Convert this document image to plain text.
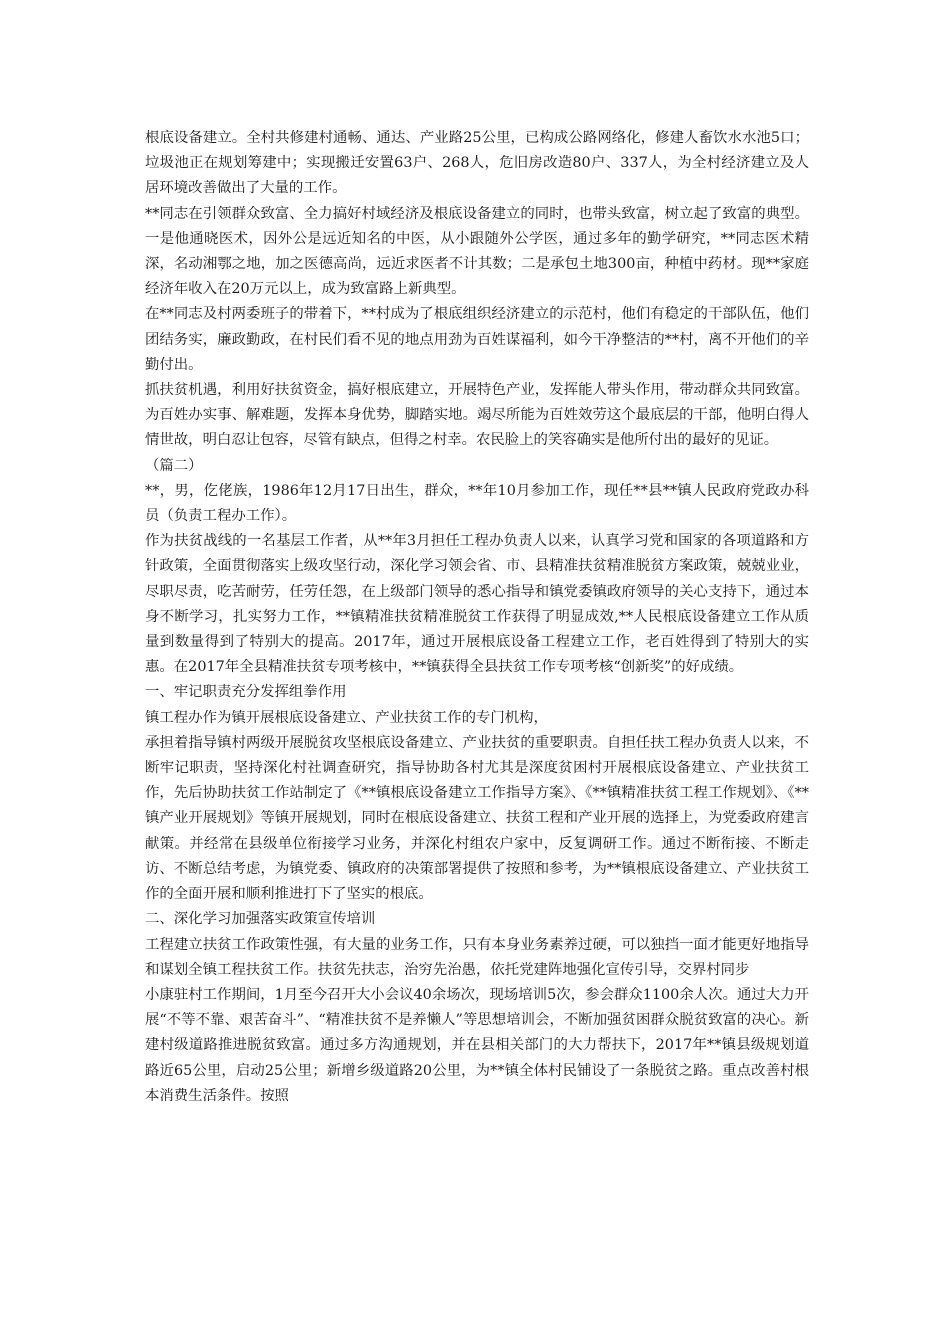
根底设备建立。全村共修建村通畅、通达、产业路25公里，已构成公路网络化，修建人畜饮水水池5口；垃圾池正在规划筹建中；实现搬迁安置63户、268人，危旧房改造80户、337人，为全村经济建立及人居环境改善做出了大量的工作。

**同志在引领群众致富、全力搞好村域经济及根底设备建立的同时，也带头致富，树立起了致富的典型。一是他通晓医术，因外公是远近知名的中医，从小跟随外公学医，通过多年的勤学研究，**同志医术精深，名动湘鄂之地，加之医德高尚，远近求医者不计其数；二是承包土地300亩，种植中药材。现**家庭经济年收入在20万元以上，成为致富路上新典型。

在**同志及村两委班子的带着下，**村成为了根底组织经济建立的示范村，他们有稳定的干部队伍，他们团结务实，廉政勤政，在村民们看不见的地点用劲为百姓谋福利，如今干净整洁的**村，离不开他们的辛勤付出。

抓扶贫机遇，利用好扶贫资金，搞好根底建立，开展特色产业，发挥能人带头作用，带动群众共同致富。为百姓办实事、解难题，发挥本身优势，脚踏实地。竭尽所能为百姓效劳这个最底层的干部，他明白得人情世故，明白忍让包容，尽管有缺点，但得之村幸。农民脸上的笑容确实是他所付出的最好的见证。

（篇二）

**，男，仡佬族，1986年12月17日出生，群众，**年10月参加工作，现任**县**镇人民政府党政办科员（负责工程办工作）。

作为扶贫战线的一名基层工作者，从**年3月担任工程办负责人以来，认真学习党和国家的各项道路和方针政策，全面贯彻落实上级攻坚行动，深化学习领会省、市、县精准扶贫精准脱贫方案政策，兢兢业业，尽职尽责，吃苦耐劳，任劳任怨，在上级部门领导的悉心指导和镇党委镇政府领导的关心支持下，通过本身不断学习，扎实努力工作，**镇精准扶贫精准脱贫工作获得了明显成效,**人民根底设备建立工作从质量到数量得到了特别大的提高。2017年，通过开展根底设备工程建立工作，老百姓得到了特别大的实惠。在2017年全县精准扶贫专项考核中，**镇获得全县扶贫工作专项考核“创新奖”的好成绩。

一、牢记职责充分发挥组拳作用

镇工程办作为镇开展根底设备建立、产业扶贫工作的专门机构，

承担着指导镇村两级开展脱贫攻坚根底设备建立、产业扶贫的重要职责。自担任扶工程办负责人以来，不断牢记职责，坚持深化村社调查研究，指导协助各村尤其是深度贫困村开展根底设备建立、产业扶贫工作，先后协助扶贫工作站制定了《**镇根底设备建立工作指导方案》、《**镇精准扶贫工程工作规划》、《**镇产业开展规划》等镇开展规划，同时在根底设备建立、扶贫工程和产业开展的选择上，为党委政府建言献策。并经常在县级单位衔接学习业务，并深化村组农户家中，反复调研工作。通过不断衔接、不断走访、不断总结考虑，为镇党委、镇政府的决策部署提供了按照和参考，为**镇根底设备建立、产业扶贫工作的全面开展和顺利推进打下了坚实的根底。

二、深化学习加强落实政策宣传培训

工程建立扶贫工作政策性强，有大量的业务工作，只有本身业务素养过硬，可以独挡一面才能更好地指导和谋划全镇工程扶贫工作。扶贫先扶志，治穷先治愚，依托党建阵地强化宣传引导，交界村同步

小康驻村工作期间，1月至今召开大小会议40余场次，现场培训5次，参会群众1100余人次。通过大力开展“不等不靠、艰苦奋斗”、“精准扶贫不是养懒人”等思想培训会，不断加强贫困群众脱贫致富的决心。新建村级道路推进脱贫致富。通过多方沟通规划，并在县相关部门的大力帮扶下，2017年**镇县级规划道路近65公里，启动25公里；新增乡级道路20公里，为**镇全体村民铺设了一条脱贫之路。重点改善村根本消费生活条件。按照
